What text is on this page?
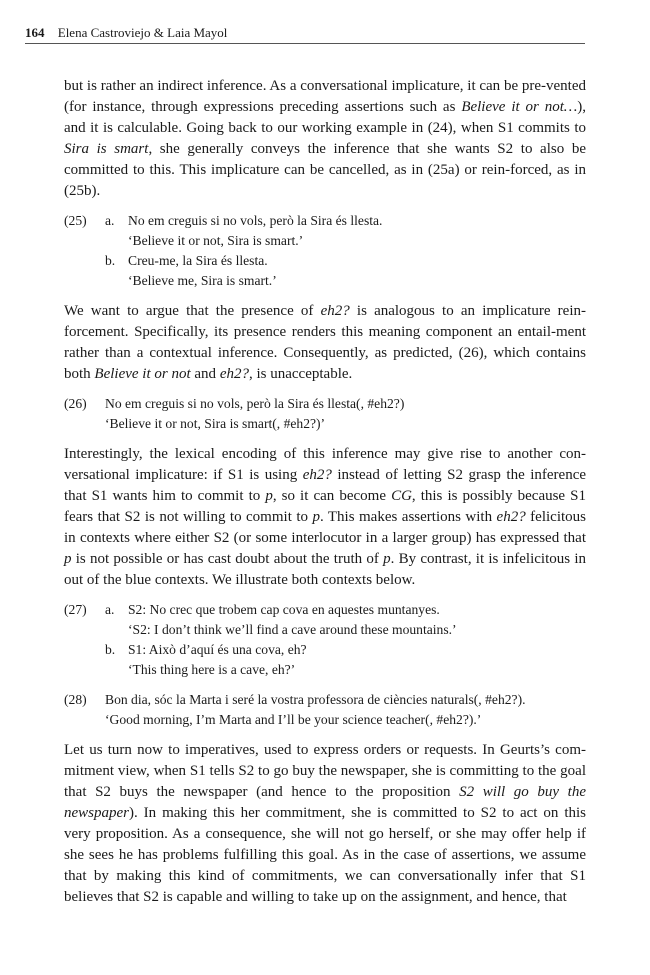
164 Elena Castroviejo & Laia Mayol

but is rather an indirect inference. As a conversational implicature, it can be pre-vented (for instance, through expressions preceding assertions such as Believe it or not…), and it is calculable. Going back to our working example in (24), when S1 commits to Sira is smart, she generally conveys the inference that she wants S2 to also be committed to this. This implicature can be cancelled, as in (25a) or rein-forced, as in (25b).

(25)	a. No em creguis si no vols, però la Sira és llesta.
‘Believe it or not, Sira is smart.’
b. Creu-me, la Sira és llesta.
‘Believe me, Sira is smart.’

We want to argue that the presence of eh2? is analogous to an implicature rein-forcement. Specifically, its presence renders this meaning component an entail-ment rather than a contextual inference. Consequently, as predicted, (26), which contains both Believe it or not and eh2?, is unacceptable.

(26)	No em creguis si no vols, però la Sira és llesta(, #eh2?)
‘Believe it or not, Sira is smart(, #eh2?)’

Interestingly, the lexical encoding of this inference may give rise to another con-versational implicature: if S1 is using eh2? instead of letting S2 grasp the inference that S1 wants him to commit to p, so it can become CG, this is possibly because S1 fears that S2 is not willing to commit to p. This makes assertions with eh2? felicitous in contexts where either S2 (or some interlocutor in a larger group) has expressed that p is not possible or has cast doubt about the truth of p. By contrast, it is infelicitous in out of the blue contexts. We illustrate both contexts below.

(27)	a. S2: No crec que trobem cap cova en aquestes muntanyes.
‘S2: I don’t think we’ll find a cave around these mountains.’
b. S1: Això d’aquí és una cova, eh?
‘This thing here is a cave, eh?’
(28)	Bon dia, sóc la Marta i seré la vostra professora de ciències naturals(, #eh2?).
‘Good morning, I’m Marta and I’ll be your science teacher(, #eh2?).’

Let us turn now to imperatives, used to express orders or requests. In Geurts’s com-mitment view, when S1 tells S2 to go buy the newspaper, she is committing to the goal that S2 buys the newspaper (and hence to the proposition S2 will go buy the newspaper). In making this her commitment, she is committed to S2 to act on this very proposition. As a consequence, she will not go herself, or she may offer help if she sees he has problems fulfilling this goal. As in the case of assertions, we assume that by making this kind of commitments, we can conversationally infer that S1 believes that S2 is capable and willing to take up on the assignment, and hence, that
